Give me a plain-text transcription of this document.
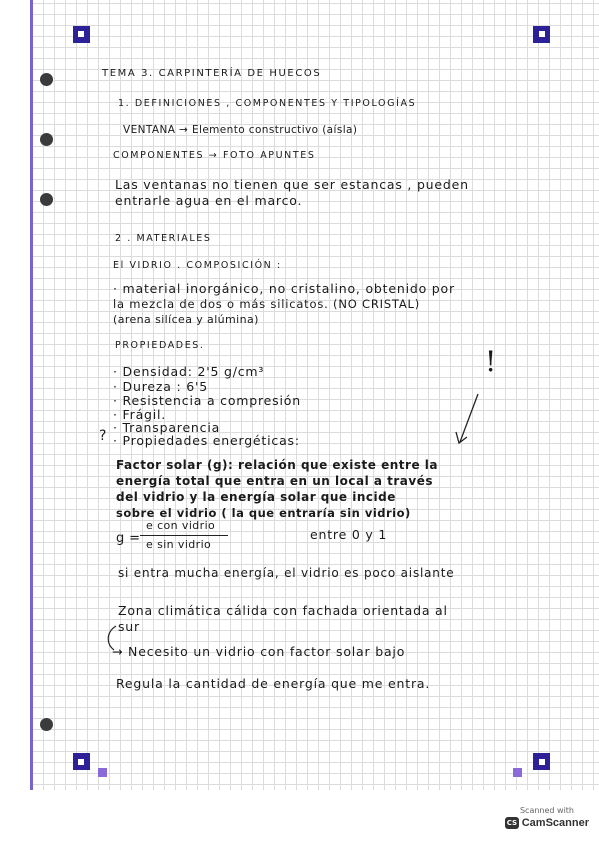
TEMA 3. CARPINTERÍA DE HUECOS
1. DEFINICIONES , COMPONENTES Y TIPOLOGÍAS
VENTANA → Elemento constructivo (aísla)
COMPONENTES → FOTO APUNTES
Las ventanas no tienen que ser estancas , pueden
entrarle agua en el marco.
2 . MATERIALES
El VIDRIO . COMPOSICIÓN :
· material inorgánico, no cristalino, obtenido por
la mezcla de dos o más silicatos. (NO CRISTAL)
(arena silícea y alúmina)
PROPIEDADES.
· Densidad: 2'5 g/cm³
· Dureza : 6'5
· Resistencia a compresión
· Frágil.
· Transparencia
· Propiedades energéticas:
?
!
Factor solar (g): relación que existe entre la
energía total que entra en un local a través
del vidrio y la energía solar que incide
sobre el vidrio ( la que entraría sin vidrio)
g =
e con vidrio
e sin vidrio
entre 0 y 1
si entra mucha energía, el vidrio es poco aislante
Zona climática cálida con fachada orientada al
sur
→ Necesito un vidrio con factor solar bajo
Regula la cantidad de energía que me entra.
Scanned with
CS CamScanner
